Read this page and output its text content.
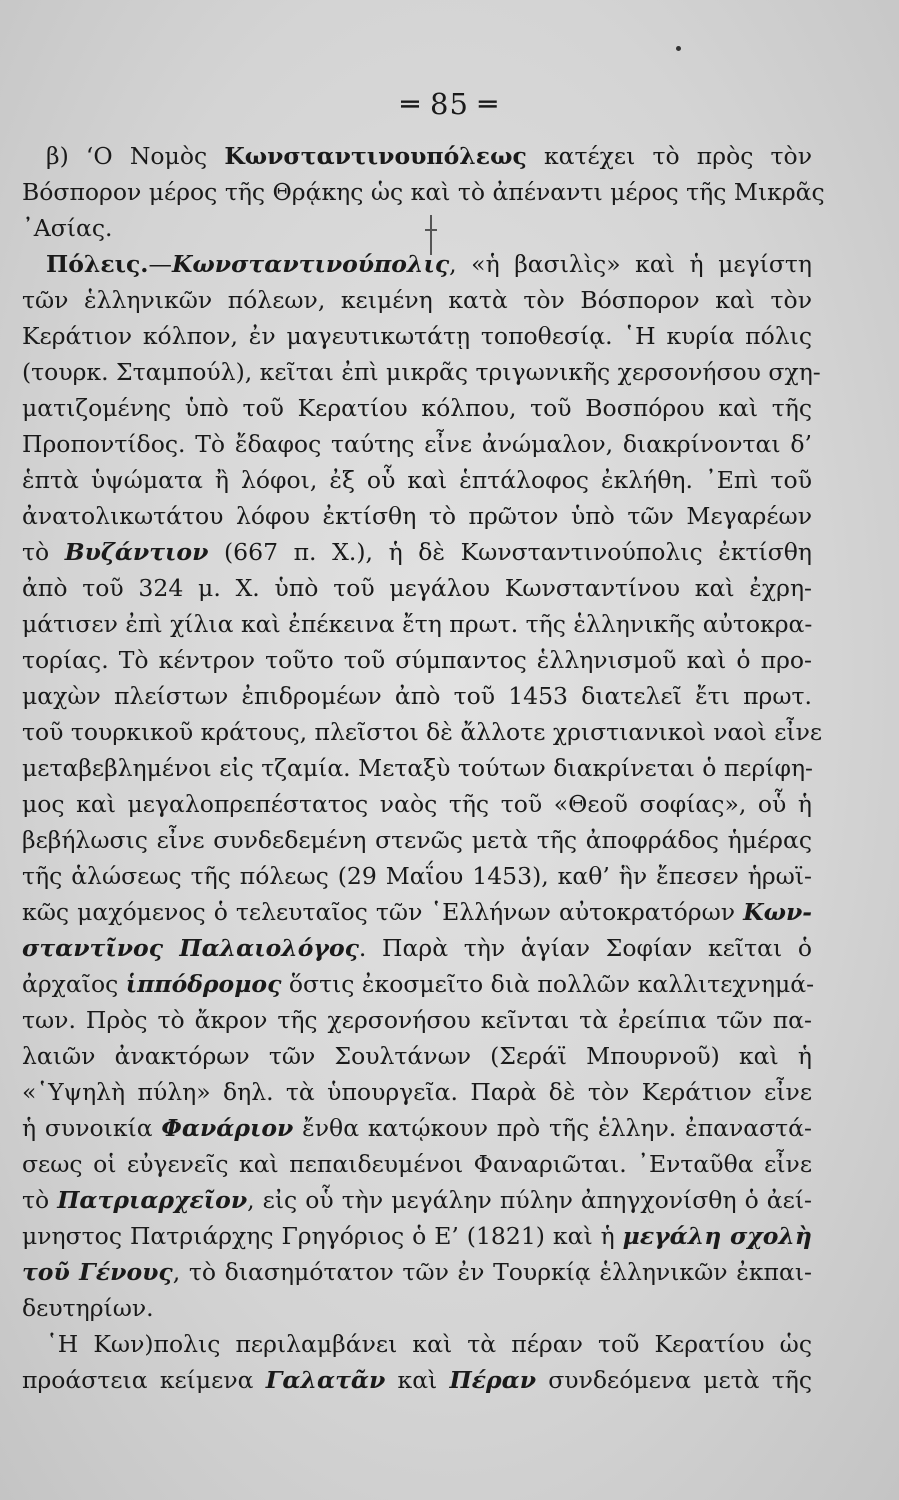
═ 85 ═
β) ‘Ο Νομὸς Κωνσταντινουπόλεως κατέχει τὸ πρὸς τὸν
Βόσπορον μέρος τῆς Θρᾴκης ὡς καὶ τὸ ἀπέναντι μέρος τῆς Μικρᾶς
᾽Ασίας.
Πόλεις.—Κωνσταντινούπολις, «ἡ βασιλὶς» καὶ ἡ μεγίστη
τῶν ἑλληνικῶν πόλεων, κειμένη κατὰ τὸν Βόσπορον καὶ τὸν
Κεράτιον κόλπον, ἐν μαγευτικωτάτῃ τοποθεσίᾳ. ῾Η κυρία πόλις
(τουρκ. Σταμπούλ), κεῖται ἐπὶ μικρᾶς τριγωνικῆς χερσονήσου σχη-
ματιζομένης ὑπὸ τοῦ Κερατίου κόλπου, τοῦ Βοσπόρου καὶ τῆς
Προποντίδος. Τὸ ἔδαφος ταύτης εἶνε ἀνώμαλον, διακρίνονται δ’
ἑπτὰ ὑψώματα ἢ λόφοι, ἐξ οὗ καὶ ἑπτάλοφος ἐκλήθη. ᾽Επὶ τοῦ
ἀνατολικωτάτου λόφου ἐκτίσθη τὸ πρῶτον ὑπὸ τῶν Μεγαρέων
τὸ Βυζάντιον (667 π. Χ.), ἡ δὲ Κωνσταντινούπολις ἐκτίσθη
ἀπὸ τοῦ 324 μ. Χ. ὑπὸ τοῦ μεγάλου Κωνσταντίνου καὶ ἐχρη-
μάτισεν ἐπὶ χίλια καὶ ἐπέκεινα ἔτη πρωτ. τῆς ἑλληνικῆς αὐτοκρα-
τορίας. Τὸ κέντρον τοῦτο τοῦ σύμπαντος ἑλληνισμοῦ καὶ ὁ προ-
μαχὼν πλείστων ἐπιδρομέων ἀπὸ τοῦ 1453 διατελεῖ ἔτι πρωτ.
τοῦ τουρκικοῦ κράτους, πλεῖστοι δὲ ἄλλοτε χριστιανικοὶ ναοὶ εἶνε
μεταβεβλημένοι εἰς τζαμία. Μεταξὺ τούτων διακρίνεται ὁ περίφη-
μος καὶ μεγαλοπρεπέστατος ναὸς τῆς τοῦ «Θεοῦ σοφίας», οὗ ἡ
βεβήλωσις εἶνε συνδεδεμένη στενῶς μετὰ τῆς ἀποφράδος ἡμέρας
τῆς ἁλώσεως τῆς πόλεως (29 Μαΐου 1453), καθ’ ἣν ἔπεσεν ἡρωϊ-
κῶς μαχόμενος ὁ τελευταῖος τῶν ῾Ελλήνων αὐτοκρατόρων Κων-
σταντῖνος Παλαιολόγος. Παρὰ τὴν ἁγίαν Σοφίαν κεῖται ὁ
ἀρχαῖος ἱππόδρομος ὅστις ἐκοσμεῖτο διὰ πολλῶν καλλιτεχνημά-
των. Πρὸς τὸ ἄκρον τῆς χερσονήσου κεῖνται τὰ ἐρείπια τῶν πα-
λαιῶν ἀνακτόρων τῶν Σουλτάνων (Σεράϊ Μπουρνοῦ) καὶ ἡ
«῾Υψηλὴ πύλη» δηλ. τὰ ὑπουργεῖα. Παρὰ δὲ τὸν Κεράτιον εἶνε
ἡ συνοικία Φανάριον ἔνθα κατῴκουν πρὸ τῆς ἑλλην. ἐπαναστά-
σεως οἱ εὐγενεῖς καὶ πεπαιδευμένοι Φαναριῶται. ᾽Ενταῦθα εἶνε
τὸ Πατριαρχεῖον, εἰς οὗ τὴν μεγάλην πύλην ἀπηγχονίσθη ὁ ἀεί-
μνηστος Πατριάρχης Γρηγόριος ὁ Ε’ (1821) καὶ ἡ μεγάλη σχολὴ
τοῦ Γένους, τὸ διασημότατον τῶν ἐν Τουρκίᾳ ἑλληνικῶν ἐκπαι-
δευτηρίων.
῾Η Κων)πολις περιλαμβάνει καὶ τὰ πέραν τοῦ Κερατίου ὡς
προάστεια κείμενα Γαλατᾶν καὶ Πέραν συνδεόμενα μετὰ τῆς
